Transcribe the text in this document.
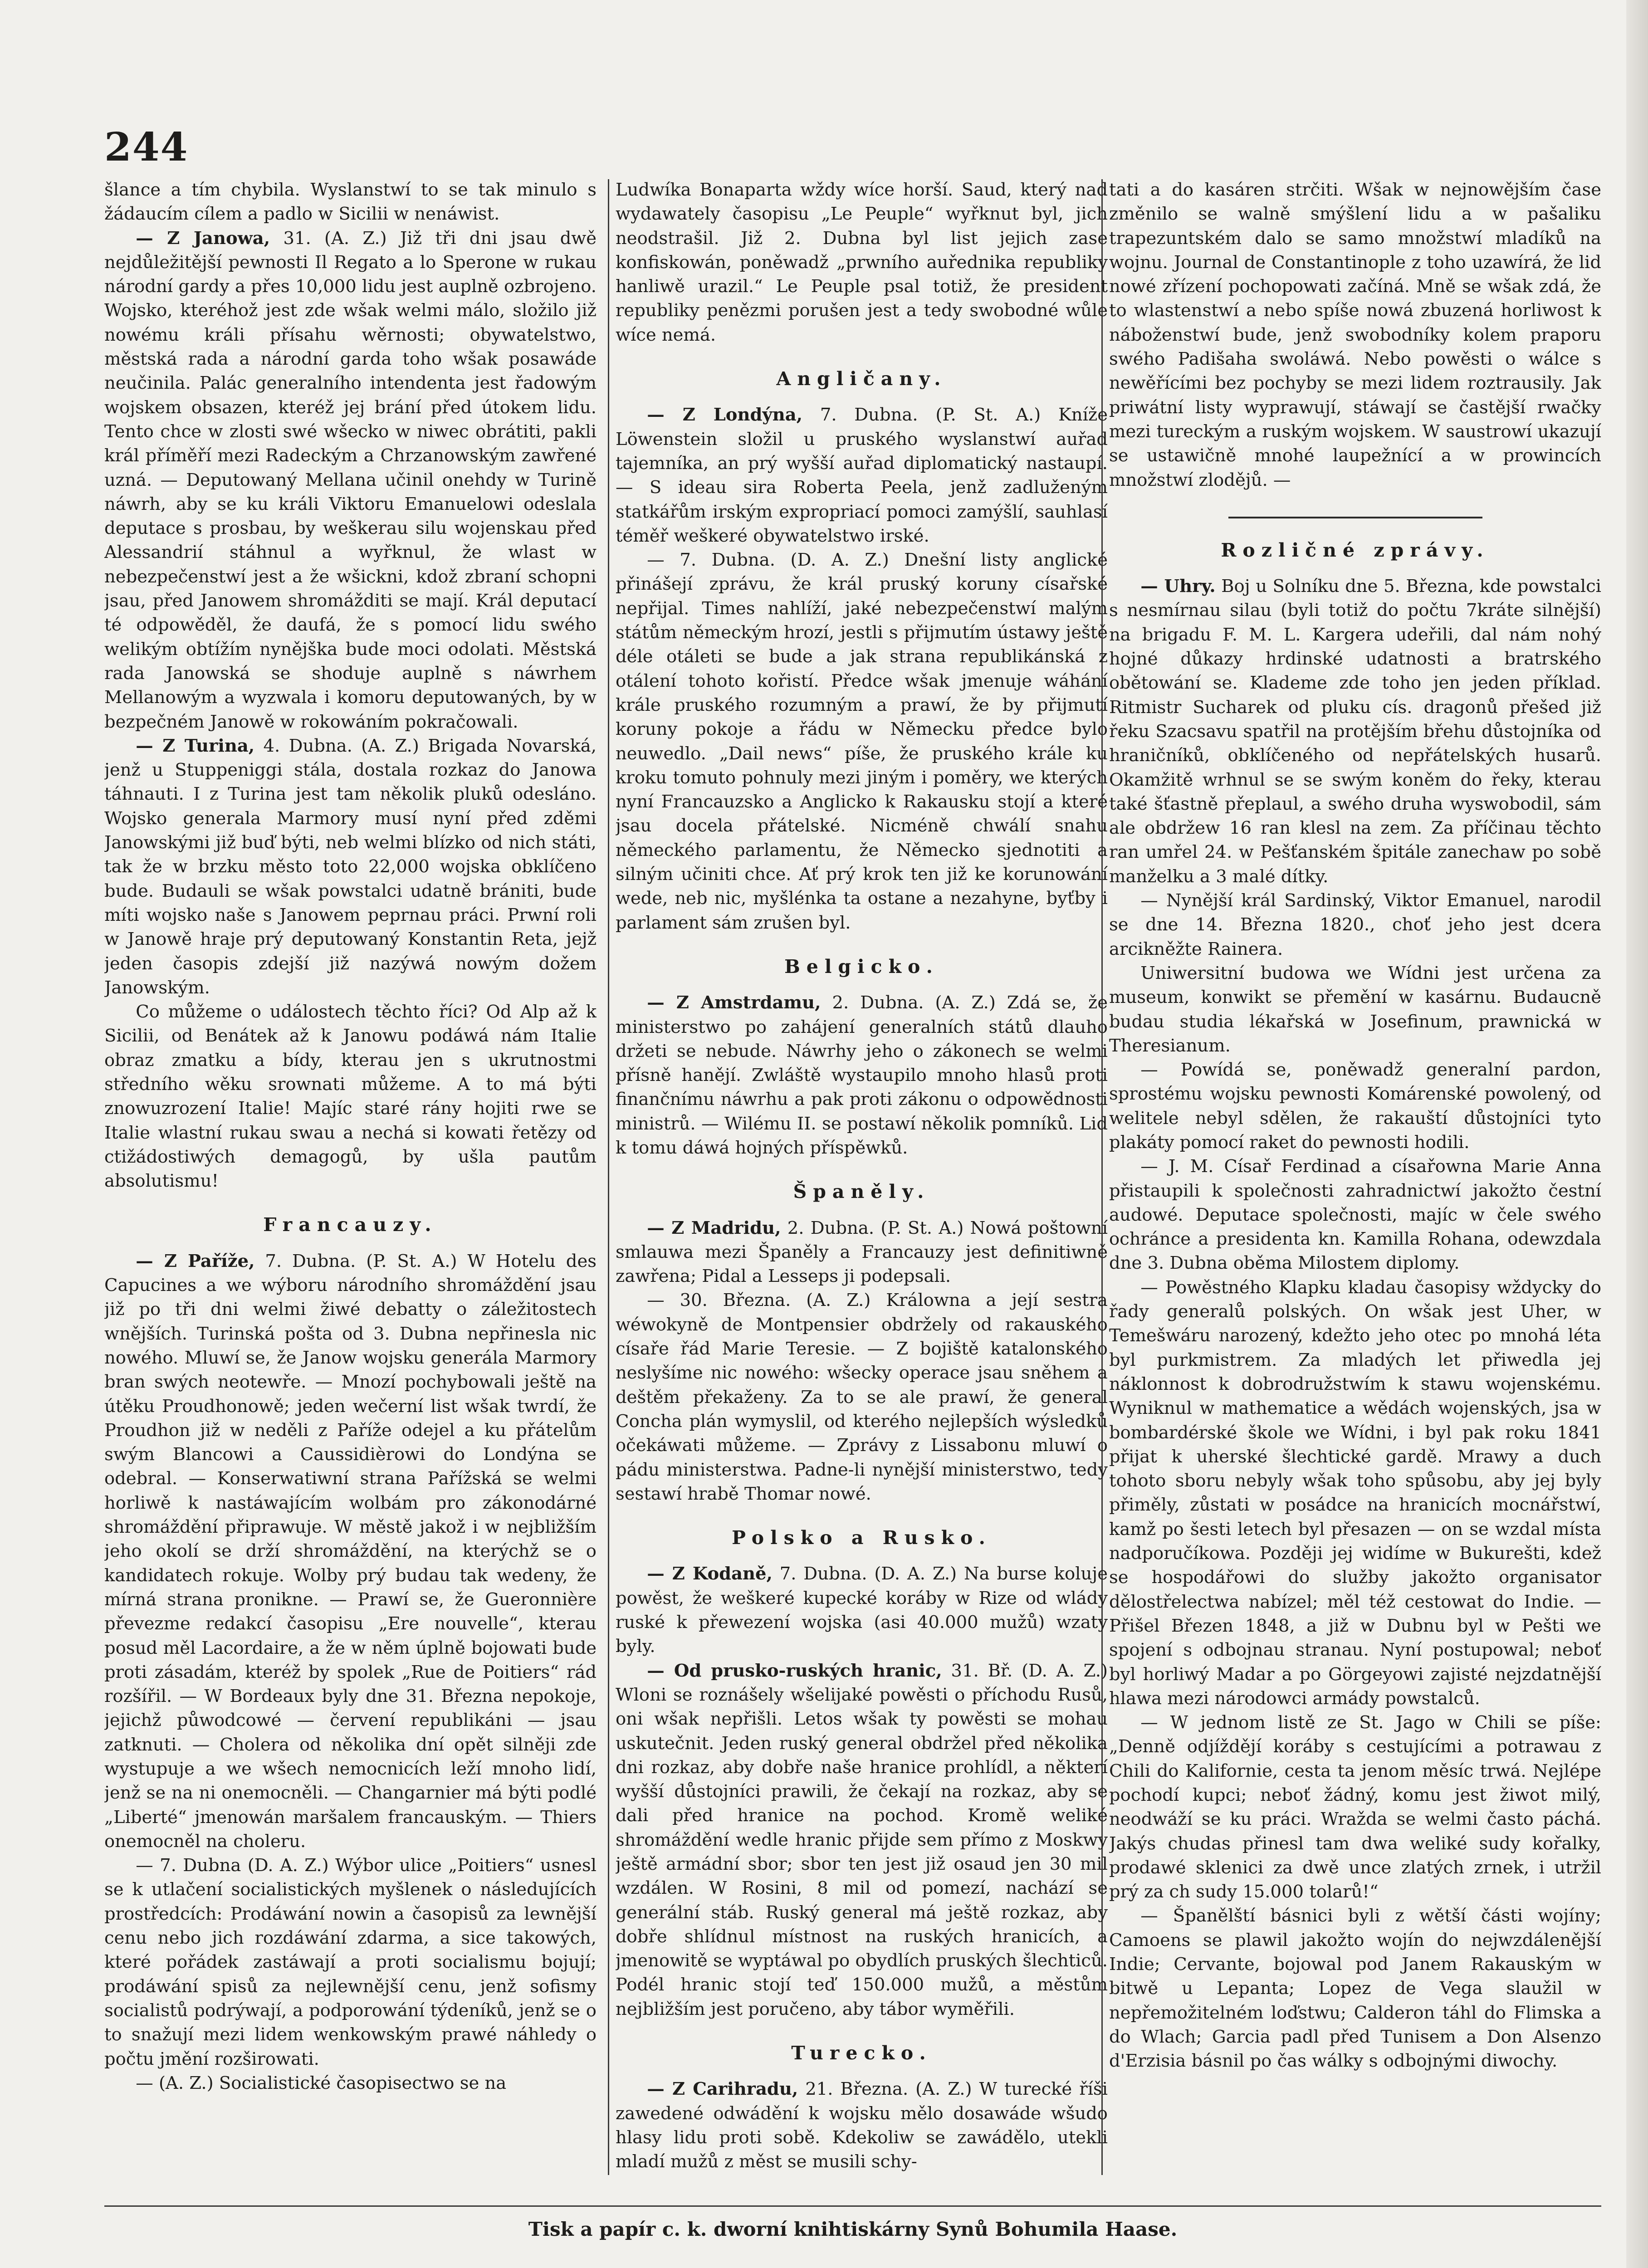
244

šlance a tím chybila. Wyslanstwí to se tak minulo s žádaucím cílem a padlo w Sicilii w nenáwist.

— Z Janowa, 31. (A. Z.) Již tři dni jsau dwě nejdůležitější pewnosti Il Regato a lo Sperone w rukau národní gardy a přes 10,000 lidu jest auplně ozbrojeno. Wojsko, kteréhož jest zde wšak welmi málo, složilo již nowému králi přísahu wěrnosti; obywatelstwo, městská rada a národní garda toho wšak posawáde neučinila. Palác generalního intendenta jest řadowým wojskem obsazen, kteréž jej brání před útokem lidu. Tento chce w zlosti swé wšecko w niwec obrátiti, pakli král příměří mezi Radeckým a Chrzanowským zawřené uzná. — Deputowaný Mellana učinil onehdy w Turině náwrh, aby se ku králi Viktoru Emanuelowi odeslala deputace s prosbau, by weškerau silu wojenskau před Alessandrií stáhnul a wyřknul, že wlast w nebezpečenstwí jest a že wšickni, kdož zbraní schopni jsau, před Janowem shromážditi se mají. Král deputací té odpowěděl, že daufá, že s pomocí lidu swého welikým obtížím nynějška bude moci odolati. Městská rada Janowská se shoduje auplně s náwrhem Mellanowým a wyzwala i komoru deputowaných, by w bezpečném Janowě w rokowáním pokračowali.

— Z Turina, 4. Dubna. (A. Z.) Brigada Novarská, jenž u Stuppeniggi stála, dostala rozkaz do Janowa táhnauti. I z Turina jest tam několik pluků odesláno. Wojsko generala Marmory musí nyní před zděmi Janowskými již buď býti, neb welmi blízko od nich státi, tak že w brzku město toto 22,000 wojska obklíčeno bude. Budauli se wšak powstalci udatně brániti, bude míti wojsko naše s Janowem peprnau práci. Prwní roli w Janowě hraje prý deputowaný Konstantin Reta, jejž jeden časopis zdejší již nazýwá nowým dožem Janowským.

Co můžeme o událostech těchto říci? Od Alp až k Sicilii, od Benátek až k Janowu podáwá nám Italie obraz zmatku a bídy, kterau jen s ukrutnostmi středního wěku srownati můžeme. A to má býti znowuzrození Italie! Majíc staré rány hojiti rwe se Italie wlastní rukau swau a nechá si kowati řetězy od ctižádostiwých demagogů, by ušla pautům absolutismu!

Francauzy.

— Z Paříže, 7. Dubna. (P. St. A.) W Hotelu des Capucines a we wýboru národního shromáždění jsau již po tři dni welmi žiwé debatty o záležitostech wnějších. Turinská pošta od 3. Dubna nepřinesla nic nowého. Mluwí se, že Janow wojsku generála Marmory bran swých neotewře. — Mnozí pochybowali ještě na útěku Proudhonowě; jeden wečerní list wšak twrdí, že Proudhon již w neděli z Paříže odejel a ku přátelům swým Blancowi a Caussidièrowi do Londýna se odebral. — Konserwatiwní strana Pařížská se welmi horliwě k nastáwajícím wolbám pro zákonodárné shromáždění připrawuje. W městě jakož i w nejbližším jeho okolí se drží shromáždění, na kterýchž se o kandidatech rokuje. Wolby prý budau tak wedeny, že mírná strana pronikne. — Prawí se, že Gueronnière převezme redakcí časopisu „Ere nouvelle“, kterau posud měl Lacordaire, a že w něm úplně bojowati bude proti zásadám, kteréž by spolek „Rue de Poitiers“ rád rozšířil. — W Bordeaux byly dne 31. Března nepokoje, jejichž půwodcowé — červení republikáni — jsau zatknuti. — Cholera od několika dní opět silněji zde wystupuje a we wšech nemocnicích leží mnoho lidí, jenž se na ni onemocněli. — Changarnier má býti podlé „Liberté“ jmenowán maršalem francauským. — Thiers onemocněl na choleru.

— 7. Dubna (D. A. Z.) Wýbor ulice „Poitiers“ usnesl se k utlačení socialistických myšlenek o následujících prostředcích: Prodáwání nowin a časopisů za lewnější cenu nebo jich rozdáwání zdarma, a sice takowých, které pořádek zastáwají a proti socialismu bojují; prodáwání spisů za nejlewnější cenu, jenž sofismy socialistů podrýwají, a podporowání týdeníků, jenž se o to snažují mezi lidem wenkowským prawé náhledy o počtu jmění rozširowati.

— (A. Z.) Socialistické časopisectwo se na

Ludwíka Bonaparta wždy wíce horší. Saud, který nad wydawately časopisu „Le Peuple“ wyřknut byl, jich neodstrašil. Již 2. Dubna byl list jejich zase konfiskowán, poněwadž „prwního auřednika republiky hanliwě urazil.“ Le Peuple psal totiž, že president republiky penězmi porušen jest a tedy swobodné wůle wíce nemá.

Angličany.

— Z Londýna, 7. Dubna. (P. St. A.) Kníže Löwenstein složil u pruského wyslanstwí auřad tajemníka, an prý wyšší auřad diplomatický nastaupí. — S ideau sira Roberta Peela, jenž zadluženým statkářům irským expropriací pomoci zamýšlí, sauhlasí téměř weškeré obywatelstwo irské.

— 7. Dubna. (D. A. Z.) Dnešní listy anglické přinášejí zprávu, že král pruský koruny císařské nepřijal. Times nahlíží, jaké nebezpečenstwí malým státům německým hrozí, jestli s přijmutím ústawy ještě déle otáleti se bude a jak strana republikánská z otálení tohoto kořistí. Předce wšak jmenuje wáhání krále pruského rozumným a prawí, že by přijmutí koruny pokoje a řádu w Německu předce bylo neuwedlo. „Dail news“ píše, že pruského krále ku kroku tomuto pohnuly mezi jiným i poměry, we kterých nyní Francauzsko a Anglicko k Rakausku stojí a které jsau docela přátelské. Nicméně chwálí snahu německého parlamentu, že Německo sjednotiti a silným učiniti chce. Ať prý krok ten již ke korunowání wede, neb nic, myšlénka ta ostane a nezahyne, byťby i parlament sám zrušen byl.

Belgicko.

— Z Amstrdamu, 2. Dubna. (A. Z.) Zdá se, že ministerstwo po zahájení generalních států dlauho držeti se nebude. Náwrhy jeho o zákonech se welmi přísně hanějí. Zwláště wystaupilo mnoho hlasů proti finančnímu náwrhu a pak proti zákonu o odpowědnosti ministrů. — Wilému II. se postawí několik pomníků. Lid k tomu dáwá hojných příspěwků.

Španěly.

— Z Madridu, 2. Dubna. (P. St. A.) Nowá poštowní smlauwa mezi Španěly a Francauzy jest definitiwně zawřena; Pidal a Lesseps ji podepsali.

— 30. Března. (A. Z.) Králowna a její sestra wéwokyně de Montpensier obdržely od rakauského císaře řád Marie Teresie. — Z bojiště katalonského neslyšíme nic nowého: wšecky operace jsau sněhem a deštěm překaženy. Za to se ale prawí, že general Concha plán wymyslil, od kterého nejlepších wýsledků očekáwati můžeme. — Zprávy z Lissabonu mluwí o pádu ministerstwa. Padne-li nynější ministerstwo, tedy sestawí hrabě Thomar nowé.

Polsko a Rusko.

— Z Kodaně, 7. Dubna. (D. A. Z.) Na burse koluje powěst, že weškeré kupecké koráby w Rize od wlády ruské k přewezení wojska (asi 40.000 mužů) wzaty byly.

— Od prusko-ruských hranic, 31. Bř. (D. A. Z.) Wloni se roznášely wšelijaké powěsti o příchodu Rusů, oni wšak nepřišli. Letos wšak ty powěsti se mohau uskutečnit. Jeden ruský general obdržel před několika dni rozkaz, aby dobře naše hranice prohlídl, a některí wyšší důstojníci prawili, že čekají na rozkaz, aby se dali před hranice na pochod. Kromě weliké shromáždění wedle hranic přijde sem přímo z Moskwy ještě armádní sbor; sbor ten jest již osaud jen 30 mil wzdálen. W Rosini, 8 mil od pomezí, nachází se generální stáb. Ruský general má ještě rozkaz, aby dobře shlídnul místnost na ruských hranicích, a jmenowitě se wyptáwal po obydlích pruských šlechticů. Podél hranic stojí teď 150.000 mužů, a městům nejbližším jest poručeno, aby tábor wyměřili.

Turecko.

— Z Carihradu, 21. Března. (A. Z.) W turecké říši zawedené odwádění k wojsku mělo dosawáde wšudo hlasy lidu proti sobě. Kdekoliw se zawádělo, utekli mladí mužů z měst se musili schy-

tati a do kasáren strčiti. Wšak w nejnowějším čase změnilo se walně smýšlení lidu a w pašaliku trapezuntském dalo se samo množstwí mladíků na wojnu. Journal de Constantinople z toho uzawírá, že lid nowé zřízení pochopowati začíná. Mně se wšak zdá, že to wlastenstwí a nebo spíše nowá zbuzená horliwost k náboženstwí bude, jenž swobodníky kolem praporu swého Padišaha swoláwá. Nebo powěsti o wálce s newěřícími bez pochyby se mezi lidem roztrausily. Jak priwátní listy wyprawují, stáwají se častější rwačky mezi tureckým a ruským wojskem. W saustrowí ukazují se ustawičně mnohé laupežnící a w prowincích množstwí zlodějů. —

Rozličné zprávy.

— Uhry. Boj u Solníku dne 5. Března, kde powstalci s nesmírnau silau (byli totiž do počtu 7kráte silnější) na brigadu F. M. L. Kargera udeřili, dal nám nohý hojné důkazy hrdinské udatnosti a bratrského obětowání se. Klademe zde toho jen jeden příklad. Ritmistr Sucharek od pluku cís. dragonů přešed již řeku Szacsavu spatřil na protějším břehu důstojníka od hraničníků, obklíčeného od nepřátelských husarů. Okamžitě wrhnul se se swým koněm do řeky, kterau také šťastně přeplaul, a swého druha wyswobodil, sám ale obdržew 16 ran klesl na zem. Za příčinau těchto ran umřel 24. w Pešťanském špitále zanechaw po sobě manželku a 3 malé dítky.

— Nynější král Sardinský, Viktor Emanuel, narodil se dne 14. Března 1820., choť jeho jest dcera arcikněžte Rainera.

Uniwersitní budowa we Wídni jest určena za museum, konwikt se přemění w kasárnu. Budaucně budau studia lékařská w Josefinum, prawnická w Theresianum.

— Powídá se, poněwadž generalní pardon, sprostému wojsku pewnosti Komárenské powolený, od welitele nebyl sdělen, že rakauští důstojníci tyto plakáty pomocí raket do pewnosti hodili.

— J. M. Císař Ferdinad a císařowna Marie Anna přistaupili k společnosti zahradnictwí jakožto čestní audowé. Deputace společnosti, majíc w čele swého ochránce a presidenta kn. Kamilla Rohana, odewzdala dne 3. Dubna oběma Milostem diplomy.

— Powěstného Klapku kladau časopisy wždycky do řady generalů polských. On wšak jest Uher, w Temešwáru narozený, kdežto jeho otec po mnohá léta byl purkmistrem. Za mladých let přiwedla jej náklonnost k dobrodružstwím k stawu wojenskému. Wyniknul w mathematice a wědách wojenských, jsa w bombardérské škole we Wídni, i byl pak roku 1841 přijat k uherské šlechtické gardě. Mrawy a duch tohoto sboru nebyly wšak toho spůsobu, aby jej byly přiměly, zůstati w posádce na hranicích mocnářstwí, kamž po šesti letech byl přesazen — on se wzdal místa nadporučíkowa. Později jej widíme w Bukurešti, kdež se hospodářowi do služby jakožto organisator dělostřelectwa nabízel; měl též cestowat do Indie. — Přišel Březen 1848, a již w Dubnu byl w Pešti we spojení s odbojnau stranau. Nyní postupowal; neboť byl horliwý Madar a po Görgeyowi zajisté nejzdatnější hlawa mezi národowci armády powstalců.

— W jednom listě ze St. Jago w Chili se píše: „Denně odjíždějí koráby s cestujícími a potrawau z Chili do Kalifornie, cesta ta jenom měsíc trwá. Nejlépe pochodí kupci; neboť žádný, komu jest žiwot milý, neodwáží se ku práci. Wražda se welmi často páchá. Jakýs chudas přinesl tam dwa weliké sudy kořalky, prodawé sklenici za dwě unce zlatých zrnek, i utržil prý za ch sudy 15.000 tolarů!“

— Španělští básnici byli z wětší části wojíny; Camoens se plawil jakožto wojín do nejwzdálenější Indie; Cervante, bojowal pod Janem Rakauským w bitwě u Lepanta; Lopez de Vega slaužil w nepřemožitelném loďstwu; Calderon táhl do Flimska a do Wlach; Garcia padl před Tunisem a Don Alsenzo d'Erzisia básnil po čas wálky s odbojnými diwochy.

Tisk a papír c. k. dworní knihtiskárny Synů Bohumila Haase.
